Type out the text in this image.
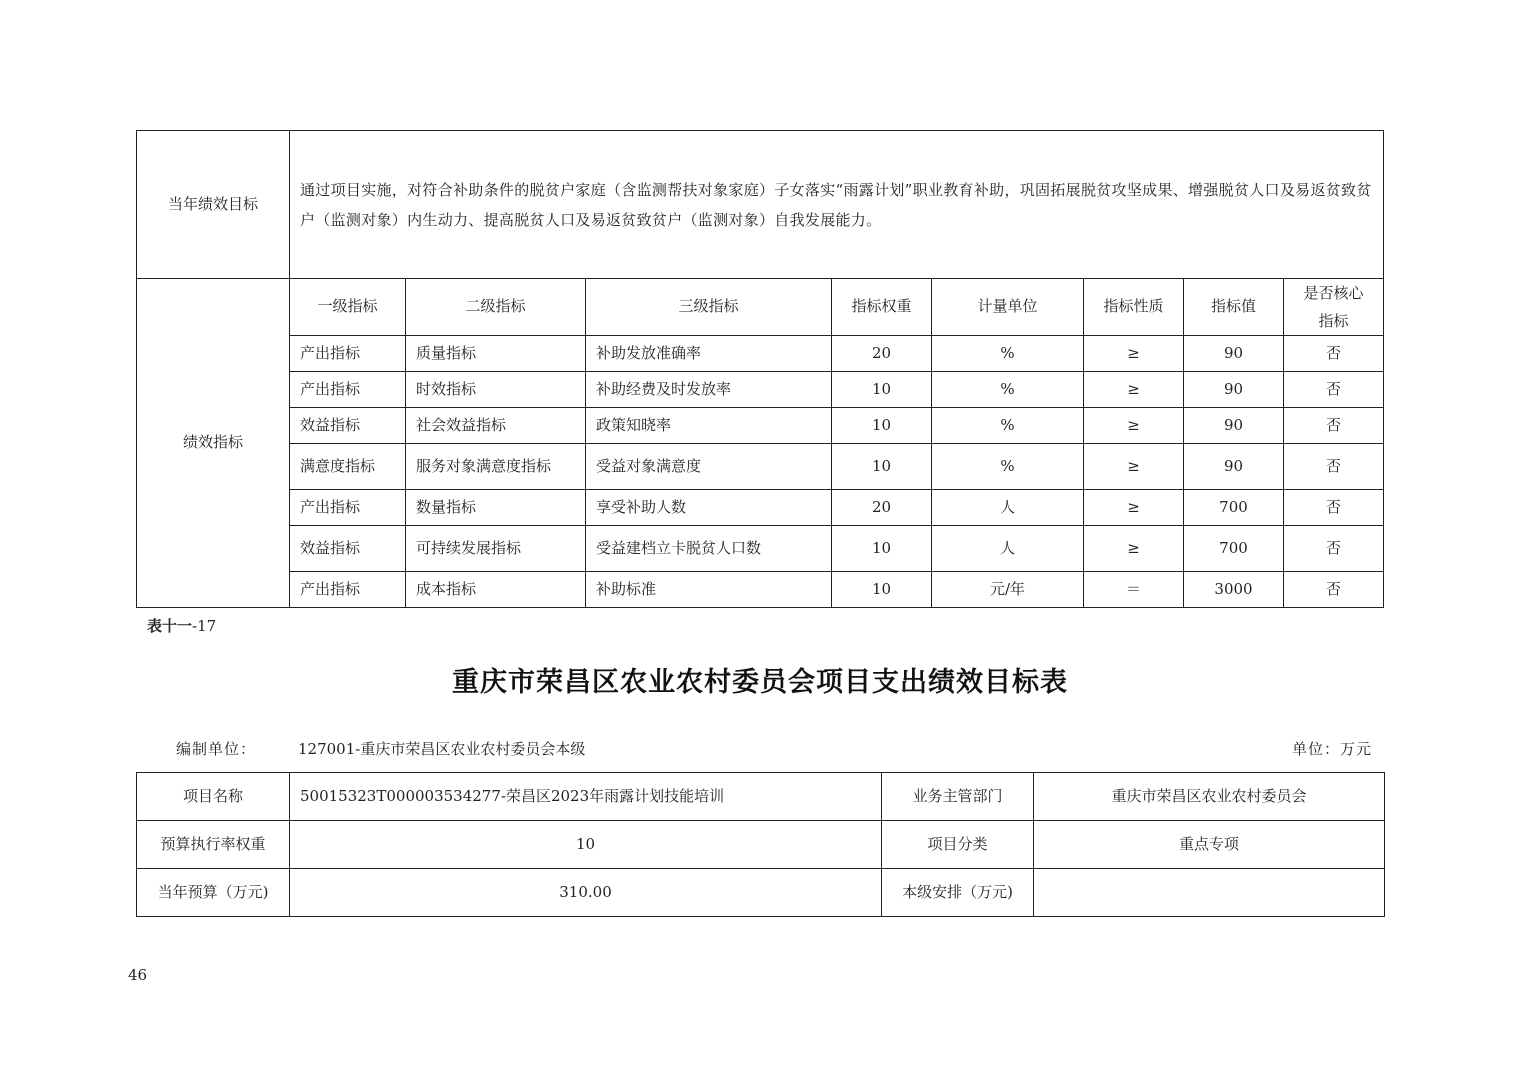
当年绩效目标	通过项目实施，对符合补助条件的脱贫户家庭（含监测帮扶对象家庭）子女落实“雨露计划”职业教育补助，巩固拓展脱贫攻坚成果、增强脱贫人口及易返贫致贫户（监测对象）内生动力、提高脱贫人口及易返贫致贫户（监测对象）自我发展能力。							

绩效指标	一级指标	二级指标	三级指标	指标权重	计量单位	指标性质	指标值	是否核心指标

	产出指标	质量指标	补助发放准确率	20	%	≥	90	否
	产出指标	时效指标	补助经费及时发放率	10	%	≥	90	否
	效益指标	社会效益指标	政策知晓率	10	%	≥	90	否
	满意度指标	服务对象满意度指标	受益对象满意度	10	%	≥	90	否
	产出指标	数量指标	享受补助人数	20	人	≥	700	否
	效益指标	可持续发展指标	受益建档立卡脱贫人口数	10	人	≥	700	否
	产出指标	成本指标	补助标准	10	元/年	＝	3000	否
表十一-17
重庆市荣昌区农业农村委员会项目支出绩效目标表
编制单位：	127001-重庆市荣昌区农业农村委员会本级	单位：万元
项目名称	50015323T000003534277-荣昌区2023年雨露计划技能培训	业务主管部门	重庆市荣昌区农业农村委员会
预算执行率权重	10	项目分类	重点专项
当年预算（万元)	310.00	本级安排（万元)	
46
